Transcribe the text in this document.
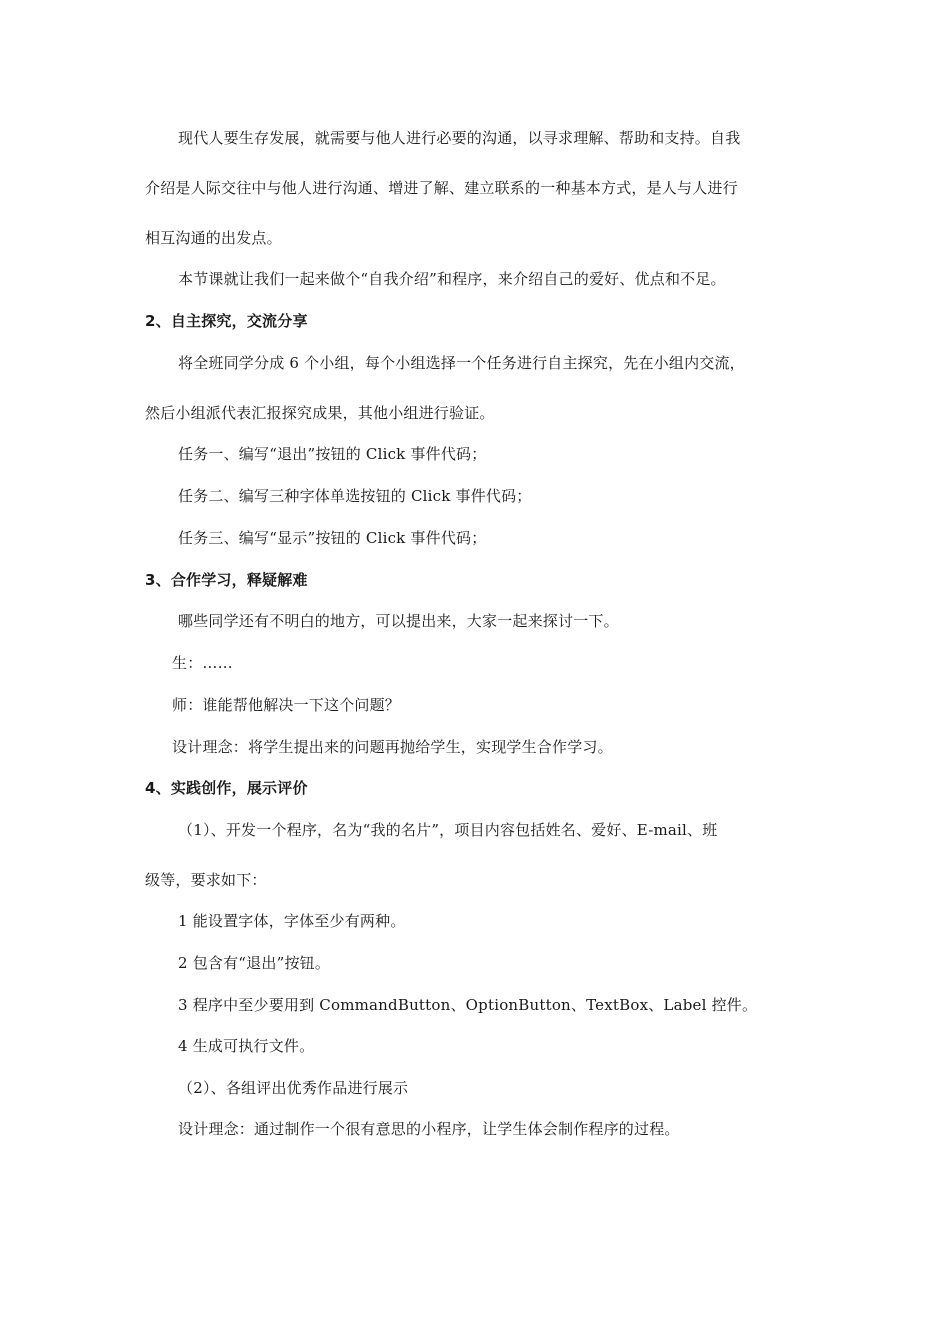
现代人要生存发展，就需要与他人进行必要的沟通，以寻求理解、帮助和支持。自我
介绍是人际交往中与他人进行沟通、增进了解、建立联系的一种基本方式，是人与人进行
相互沟通的出发点。
本节课就让我们一起来做个“自我介绍”和程序，来介绍自己的爱好、优点和不足。
2、自主探究，交流分享
将全班同学分成 6 个小组，每个小组选择一个任务进行自主探究，先在小组内交流，
然后小组派代表汇报探究成果，其他小组进行验证。
任务一、编写“退出”按钮的 Click 事件代码；
任务二、编写三种字体单选按钮的 Click 事件代码；
任务三、编写“显示”按钮的 Click 事件代码；
3、合作学习，释疑解难
哪些同学还有不明白的地方，可以提出来，大家一起来探讨一下。
生：……
师：谁能帮他解决一下这个问题？
设计理念：将学生提出来的问题再抛给学生，实现学生合作学习。
4、实践创作，展示评价
（1）、开发一个程序，名为“我的名片”，项目内容包括姓名、爱好、E-mail、班
级等，要求如下：
1 能设置字体，字体至少有两种。
2 包含有“退出”按钮。
3 程序中至少要用到 CommandButton、OptionButton、TextBox、Label 控件。
4 生成可执行文件。
（2）、各组评出优秀作品进行展示
设计理念：通过制作一个很有意思的小程序，让学生体会制作程序的过程。
